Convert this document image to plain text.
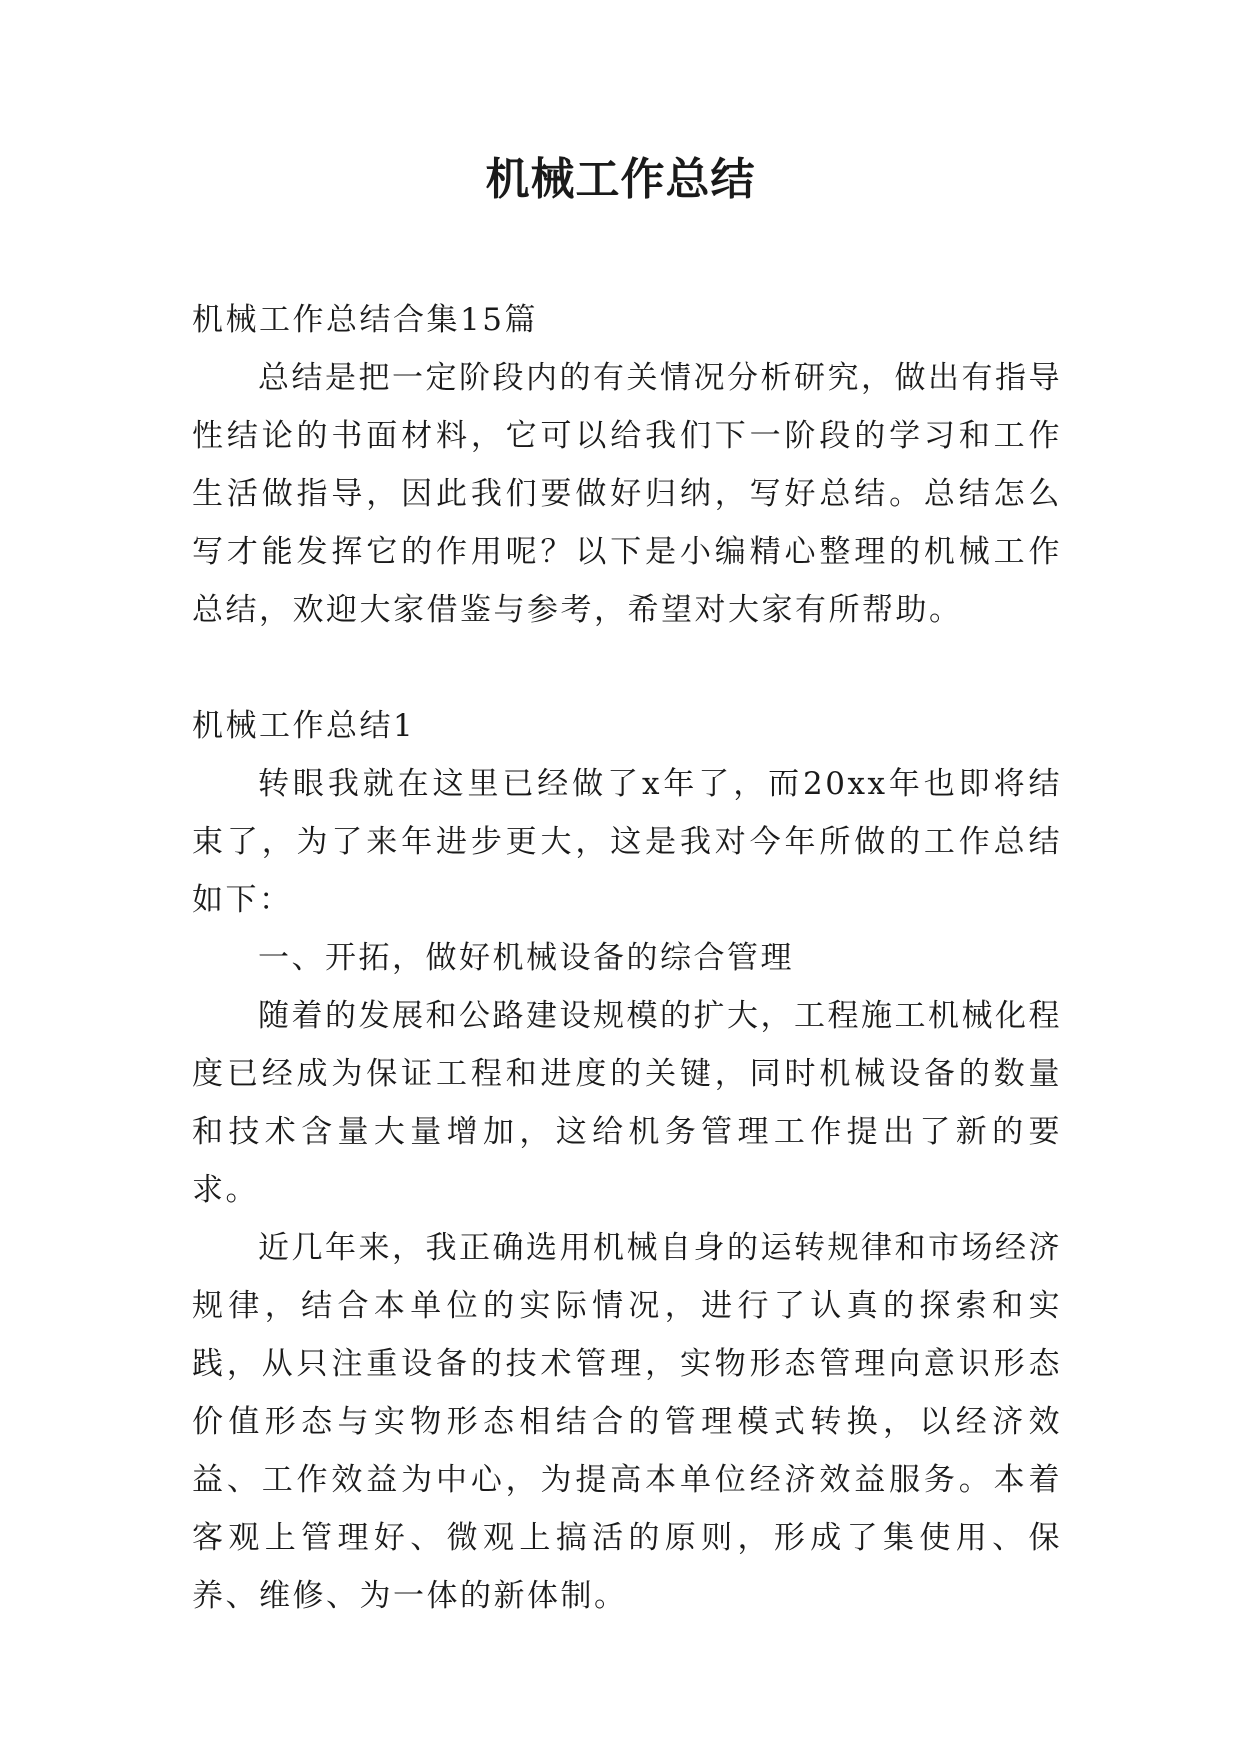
机械工作总结

机械工作总结合集15篇

总结是把一定阶段内的有关情况分析研究，做出有指导性结论的书面材料，它可以给我们下一阶段的学习和工作生活做指导，因此我们要做好归纳，写好总结。总结怎么写才能发挥它的作用呢？以下是小编精心整理的机械工作总结，欢迎大家借鉴与参考，希望对大家有所帮助。

机械工作总结1

转眼我就在这里已经做了x年了，而20xx年也即将结束了，为了来年进步更大，这是我对今年所做的工作总结如下：

一、开拓，做好机械设备的综合管理

随着的发展和公路建设规模的扩大，工程施工机械化程度已经成为保证工程和进度的关键，同时机械设备的数量和技术含量大量增加，这给机务管理工作提出了新的要求。

近几年来，我正确选用机械自身的运转规律和市场经济规律，结合本单位的实际情况，进行了认真的探索和实践，从只注重设备的技术管理，实物形态管理向意识形态价值形态与实物形态相结合的管理模式转换，以经济效益、工作效益为中心，为提高本单位经济效益服务。本着客观上管理好、微观上搞活的原则，形成了集使用、保养、维修、为一体的新体制。
